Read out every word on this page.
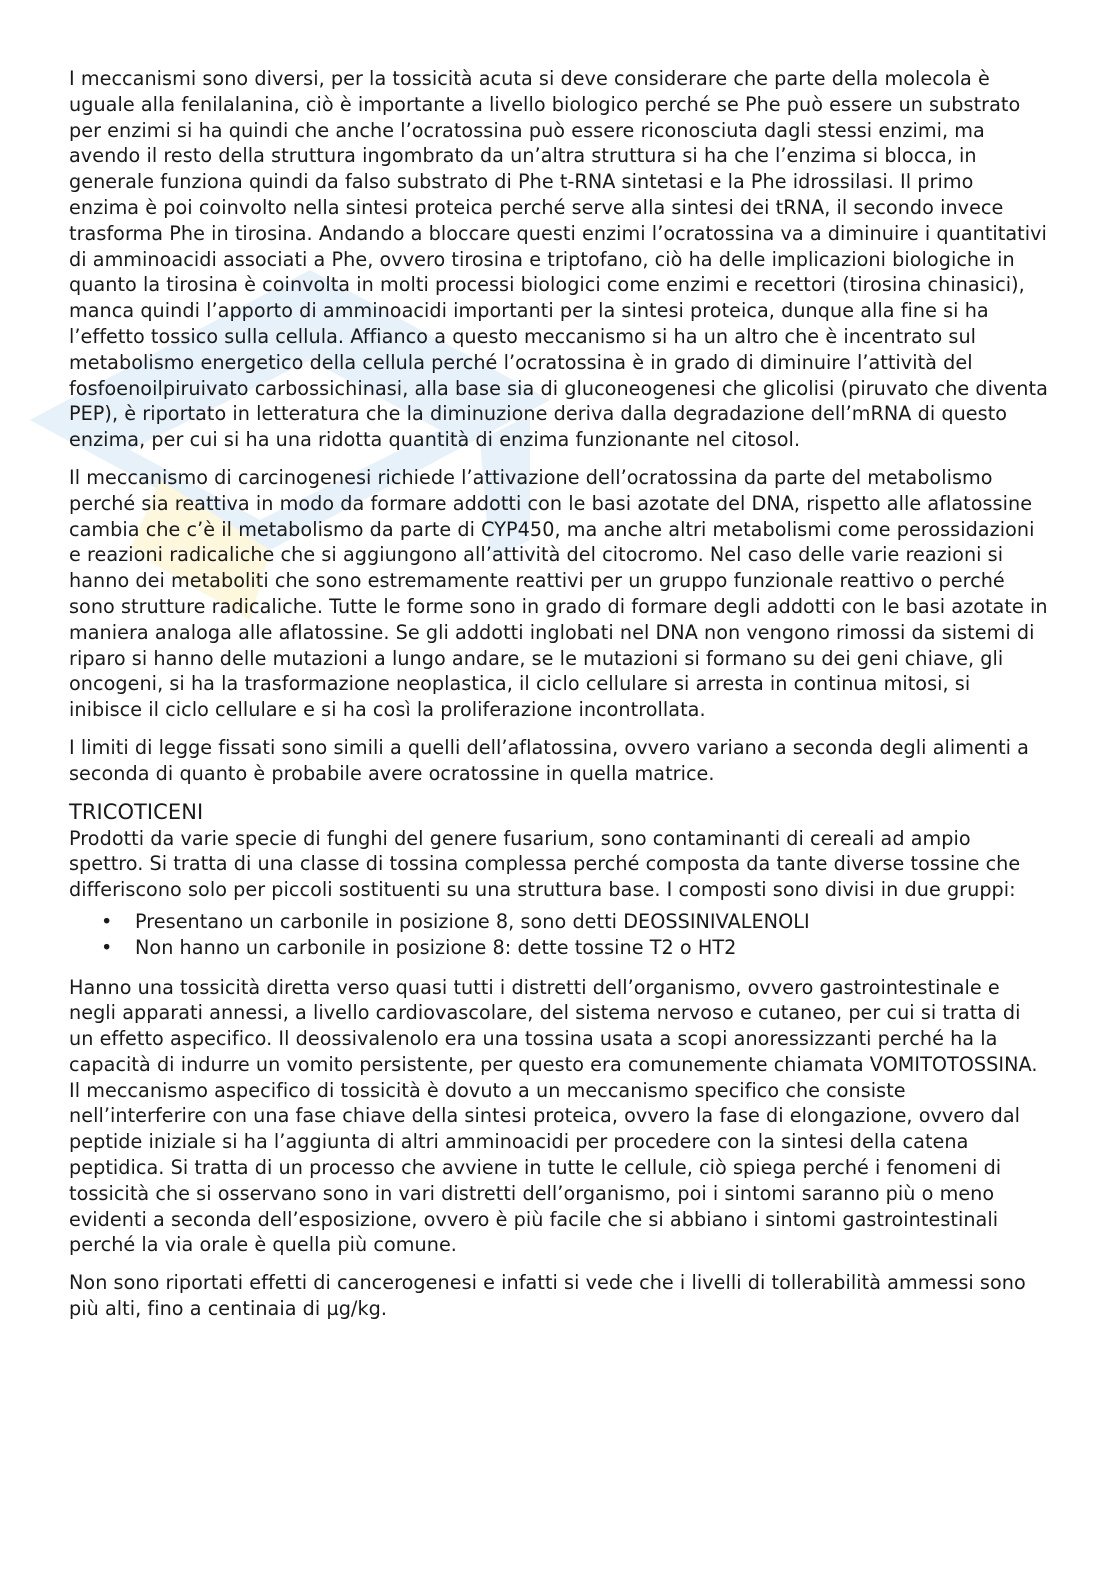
I meccanismi sono diversi, per la tossicità acuta si deve considerare che parte della molecola è uguale alla fenilalanina, ciò è importante a livello biologico perché se Phe può essere un substrato per enzimi si ha quindi che anche l’ocratossina può essere riconosciuta dagli stessi enzimi, ma avendo il resto della struttura ingombrato da un’altra struttura si ha che l’enzima si blocca, in generale funziona quindi da falso substrato di Phe t-RNA sintetasi e la Phe idrossilasi. Il primo enzima è poi coinvolto nella sintesi proteica perché serve alla sintesi dei tRNA, il secondo invece trasforma Phe in tirosina. Andando a bloccare questi enzimi l’ocratossina va a diminuire i quantitativi di amminoacidi associati a Phe, ovvero tirosina e triptofano, ciò ha delle implicazioni biologiche in quanto la tirosina è coinvolta in molti processi biologici come enzimi e recettori (tirosina chinasici), manca quindi l’apporto di amminoacidi importanti per la sintesi proteica, dunque alla fine si ha l’effetto tossico sulla cellula. Affianco a questo meccanismo si ha un altro che è incentrato sul metabolismo energetico della cellula perché l’ocratossina è in grado di diminuire l’attività del fosfoenoilpiruivato carbossichinasi, alla base sia di gluconeogenesi che glicolisi (piruvato che diventa PEP), è riportato in letteratura che la diminuzione deriva dalla degradazione dell’mRNA di questo enzima, per cui si ha una ridotta quantità di enzima funzionante nel citosol.

Il meccanismo di carcinogenesi richiede l’attivazione dell’ocratossina da parte del metabolismo perché sia reattiva in modo da formare addotti con le basi azotate del DNA, rispetto alle aflatossine cambia che c’è il metabolismo da parte di CYP450, ma anche altri metabolismi come perossidazioni e reazioni radicaliche che si aggiungono all’attività del citocromo. Nel caso delle varie reazioni si hanno dei metaboliti che sono estremamente reattivi per un gruppo funzionale reattivo o perché sono strutture radicaliche. Tutte le forme sono in grado di formare degli addotti con le basi azotate in maniera analoga alle aflatossine. Se gli addotti inglobati nel DNA non vengono rimossi da sistemi di riparo si hanno delle mutazioni a lungo andare, se le mutazioni si formano su dei geni chiave, gli oncogeni, si ha la trasformazione neoplastica, il ciclo cellulare si arresta in continua mitosi, si inibisce il ciclo cellulare e si ha così la proliferazione incontrollata.

I limiti di legge fissati sono simili a quelli dell’aflatossina, ovvero variano a seconda degli alimenti a seconda di quanto è probabile avere ocratossine in quella matrice.

TRICOTICENI

Prodotti da varie specie di funghi del genere fusarium, sono contaminanti di cereali ad ampio spettro. Si tratta di una classe di tossina complessa perché composta da tante diverse tossine che differiscono solo per piccoli sostituenti su una struttura base. I composti sono divisi in due gruppi:

• Presentano un carbonile in posizione 8, sono detti DEOSSINIVALENOLI
• Non hanno un carbonile in posizione 8: dette tossine T2 o HT2

Hanno una tossicità diretta verso quasi tutti i distretti dell’organismo, ovvero gastrointestinale e negli apparati annessi, a livello cardiovascolare, del sistema nervoso e cutaneo, per cui si tratta di un effetto aspecifico. Il deossivalenolo era una tossina usata a scopi anoressizzanti perché ha la capacità di indurre un vomito persistente, per questo era comunemente chiamata VOMITOTOSSINA. Il meccanismo aspecifico di tossicità è dovuto a un meccanismo specifico che consiste nell’interferire con una fase chiave della sintesi proteica, ovvero la fase di elongazione, ovvero dal peptide iniziale si ha l’aggiunta di altri amminoacidi per procedere con la sintesi della catena peptidica. Si tratta di un processo che avviene in tutte le cellule, ciò spiega perché i fenomeni di tossicità che si osservano sono in vari distretti dell’organismo, poi i sintomi saranno più o meno evidenti a seconda dell’esposizione, ovvero è più facile che si abbiano i sintomi gastrointestinali perché la via orale è quella più comune.

Non sono riportati effetti di cancerogenesi e infatti si vede che i livelli di tollerabilità ammessi sono più alti, fino a centinaia di µg/kg.
